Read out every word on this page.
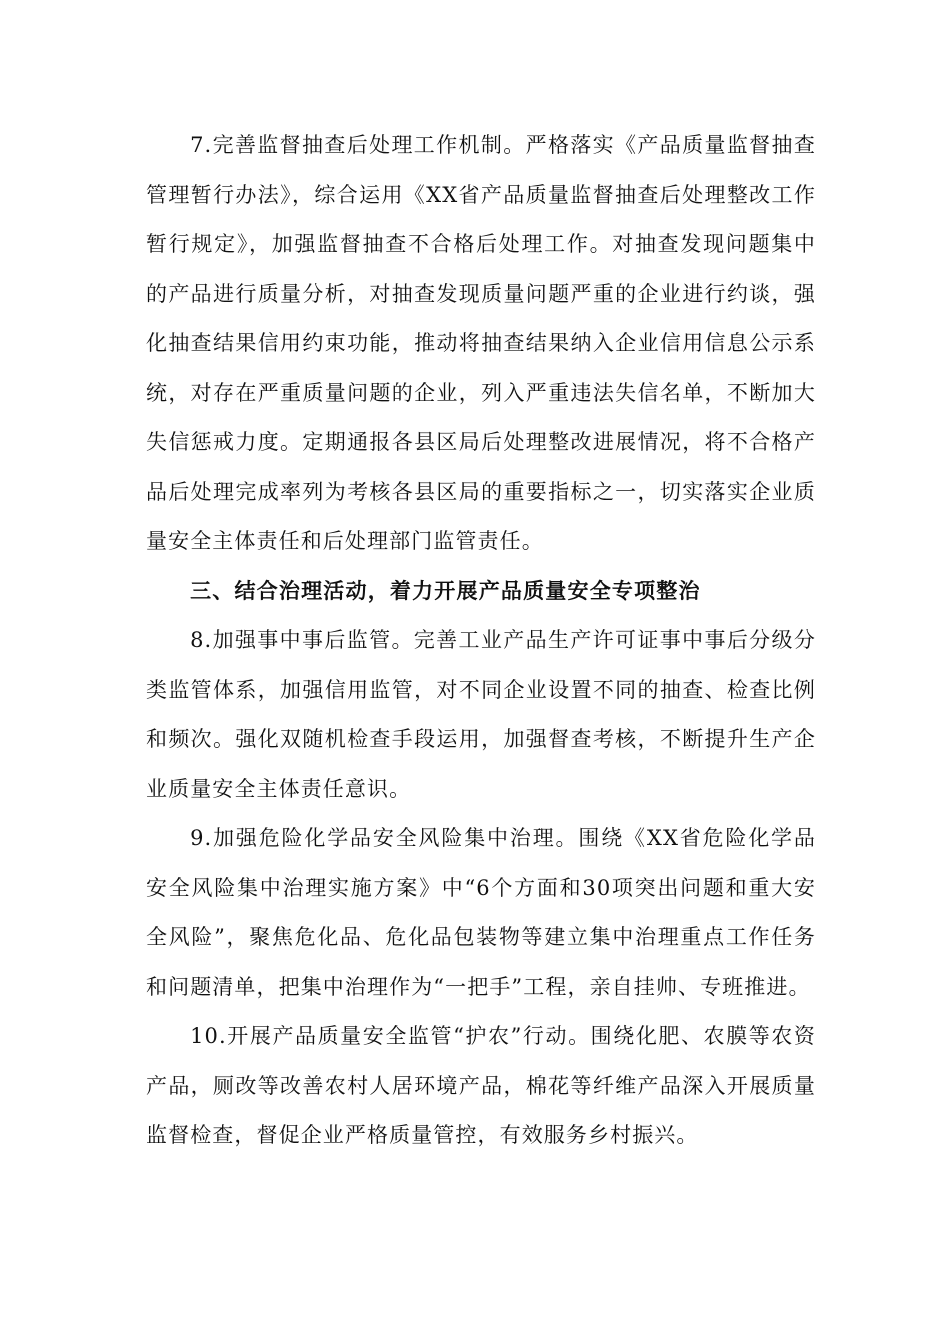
7.完善监督抽查后处理工作机制。严格落实《产品质量监督抽查管理暂行办法》，综合运用《XX省产品质量监督抽查后处理整改工作暂行规定》，加强监督抽查不合格后处理工作。对抽查发现问题集中的产品进行质量分析，对抽查发现质量问题严重的企业进行约谈，强化抽查结果信用约束功能，推动将抽查结果纳入企业信用信息公示系统，对存在严重质量问题的企业，列入严重违法失信名单，不断加大失信惩戒力度。定期通报各县区局后处理整改进展情况，将不合格产品后处理完成率列为考核各县区局的重要指标之一，切实落实企业质量安全主体责任和后处理部门监管责任。

三、结合治理活动，着力开展产品质量安全专项整治

8.加强事中事后监管。完善工业产品生产许可证事中事后分级分类监管体系，加强信用监管，对不同企业设置不同的抽查、检查比例和频次。强化双随机检查手段运用，加强督查考核，不断提升生产企业质量安全主体责任意识。

9.加强危险化学品安全风险集中治理。围绕《XX省危险化学品安全风险集中治理实施方案》中“6个方面和30项突出问题和重大安全风险”，聚焦危化品、危化品包装物等建立集中治理重点工作任务和问题清单，把集中治理作为“一把手”工程，亲自挂帅、专班推进。

10.开展产品质量安全监管“护农”行动。围绕化肥、农膜等农资产品，厕改等改善农村人居环境产品，棉花等纤维产品深入开展质量监督检查，督促企业严格质量管控，有效服务乡村振兴。
